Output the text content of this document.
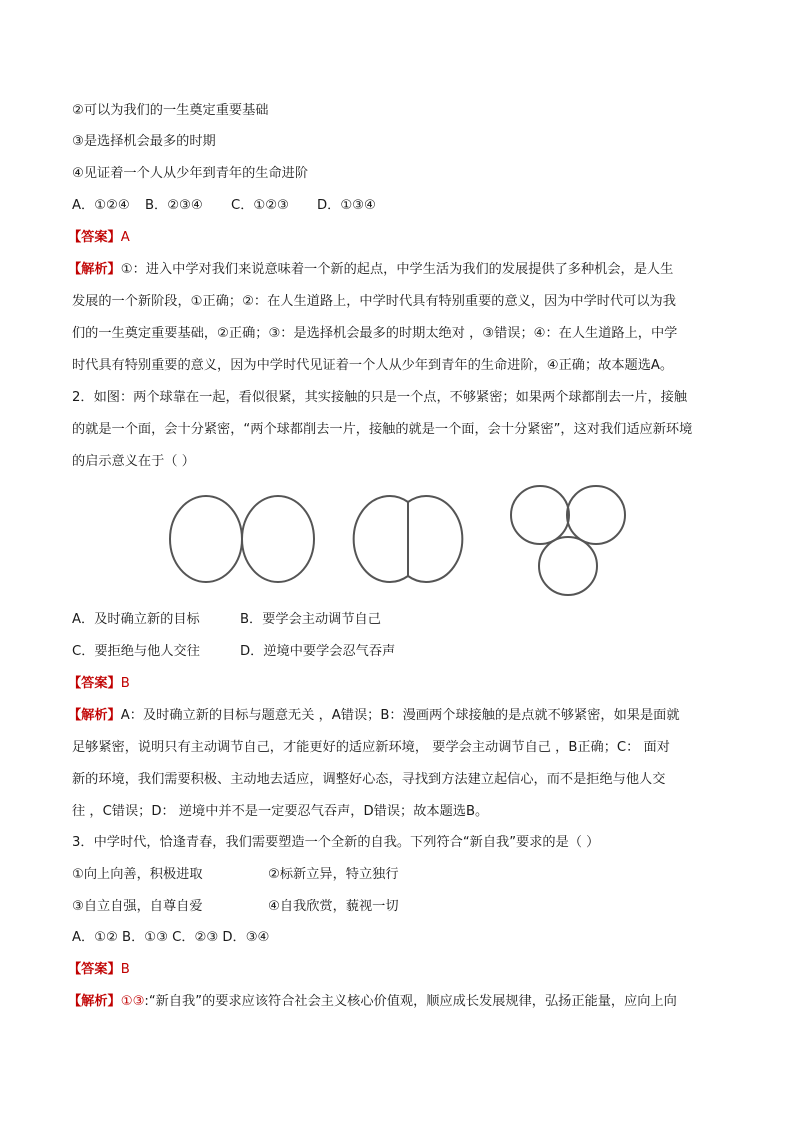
②可以为我们的一生奠定重要基础
③是选择机会最多的时期
④见证着一个人从少年到青年的生命进阶
A．①②④ B．②③④ C．①②③ D．①③④
【答案】A
【解析】①：进入中学对我们来说意味着一个新的起点，中学生活为我们的发展提供了多种机会，是人生
发展的一个新阶段，①正确；②：在人生道路上，中学时代具有特别重要的意义，因为中学时代可以为我
们的一生奠定重要基础，②正确；③：是选择机会最多的时期太绝对 ，③错误；④：在人生道路上，中学
时代具有特别重要的意义，因为中学时代见证着一个人从少年到青年的生命进阶，④正确；故本题选A。
2．如图：两个球靠在一起，看似很紧，其实接触的只是一个点，不够紧密；如果两个球都削去一片，接触
的就是一个面，会十分紧密，“两个球都削去一片，接触的就是一个面，会十分紧密”，这对我们适应新环境
的启示意义在于（ ）
A．及时确立新的目标	B．要学会主动调节自己
C．要拒绝与他人交往	D．逆境中要学会忍气吞声
【答案】B
【解析】A：及时确立新的目标与题意无关 ，A错误；B：漫画两个球接触的是点就不够紧密，如果是面就
足够紧密，说明只有主动调节自己，才能更好的适应新环境， 要学会主动调节自己 ，B正确；C： 面对
新的环境，我们需要积极、主动地去适应，调整好心态，寻找到方法建立起信心，而不是拒绝与他人交
往 ，C错误；D： 逆境中并不是一定要忍气吞声，D错误；故本题选B。
3．中学时代，恰逢青春，我们需要塑造一个全新的自我。下列符合“新自我”要求的是（ ）
①向上向善，积极进取	②标新立异，特立独行
③自立自强，自尊自爱	④自我欣赏，藐视一切
A．①② B．①③ C．②③ D．③④
【答案】B
【解析】①③:“新自我”的要求应该符合社会主义核心价值观，顺应成长发展规律，弘扬正能量，应向上向
